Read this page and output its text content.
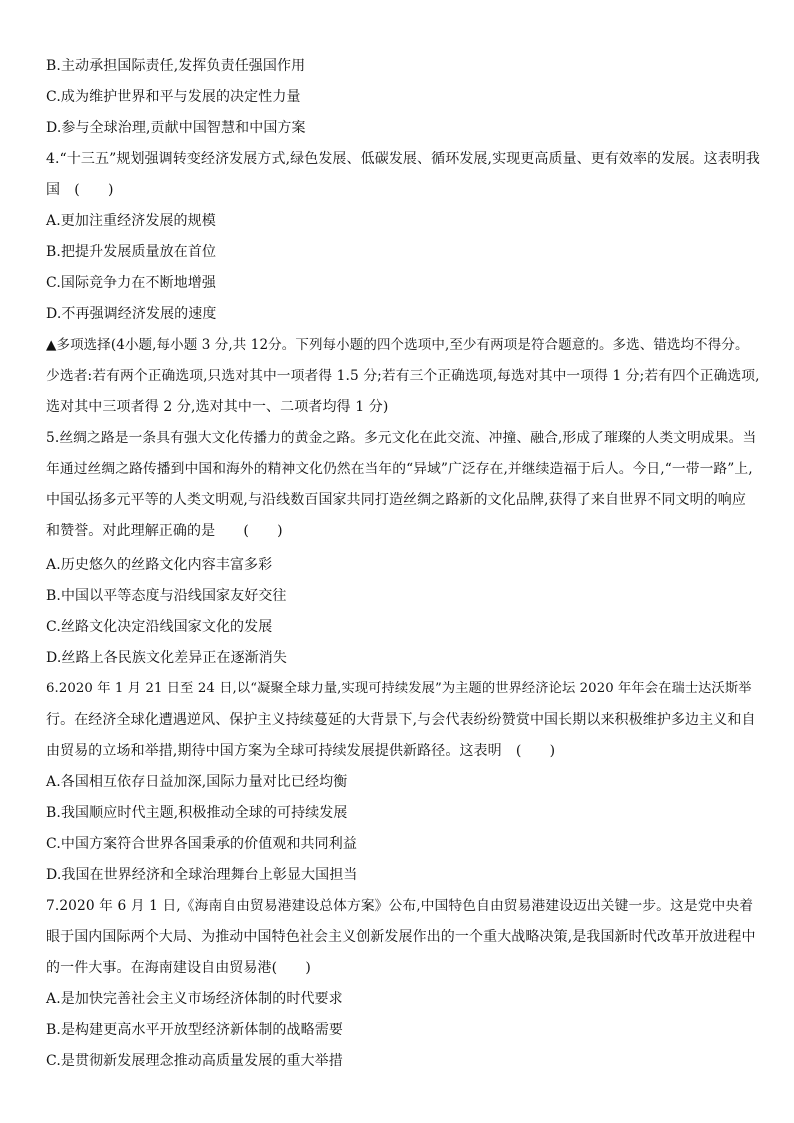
B.主动承担国际责任,发挥负责任强国作用
C.成为维护世界和平与发展的决定性力量
D.参与全球治理,贡献中国智慧和中国方案
4.“十三五”规划强调转变经济发展方式,绿色发展、低碳发展、循环发展,实现更高质量、更有效率的发展。这表明我
国　(　　)
A.更加注重经济发展的规模
B.把提升发展质量放在首位
C.国际竞争力在不断地增强
D.不再强调经济发展的速度
▲多项选择(4小题,每小题 3 分,共 12分。下列每小题的四个选项中,至少有两项是符合题意的。多选、错选均不得分。
少选者:若有两个正确选项,只选对其中一项者得 1.5 分;若有三个正确选项,每选对其中一项得 1 分;若有四个正确选项,
选对其中三项者得 2 分,选对其中一、二项者均得 1 分)
5.丝绸之路是一条具有强大文化传播力的黄金之路。多元文化在此交流、冲撞、融合,形成了璀璨的人类文明成果。当
年通过丝绸之路传播到中国和海外的精神文化仍然在当年的“异域”广泛存在,并继续造福于后人。今日,“一带一路”上,
中国弘扬多元平等的人类文明观,与沿线数百国家共同打造丝绸之路新的文化品牌,获得了来自世界不同文明的响应
和赞誉。对此理解正确的是　　(　　)
A.历史悠久的丝路文化内容丰富多彩
B.中国以平等态度与沿线国家友好交往
C.丝路文化决定沿线国家文化的发展
D.丝路上各民族文化差异正在逐渐消失
6.2020 年 1 月 21 日至 24 日,以“凝聚全球力量,实现可持续发展”为主题的世界经济论坛 2020 年年会在瑞士达沃斯举
行。在经济全球化遭遇逆风、保护主义持续蔓延的大背景下,与会代表纷纷赞赏中国长期以来积极维护多边主义和自
由贸易的立场和举措,期待中国方案为全球可持续发展提供新路径。这表明　(　　)
A.各国相互依存日益加深,国际力量对比已经均衡
B.我国顺应时代主题,积极推动全球的可持续发展
C.中国方案符合世界各国秉承的价值观和共同利益
D.我国在世界经济和全球治理舞台上彰显大国担当
7.2020 年 6 月 1 日,《海南自由贸易港建设总体方案》公布,中国特色自由贸易港建设迈出关键一步。这是党中央着
眼于国内国际两个大局、为推动中国特色社会主义创新发展作出的一个重大战略决策,是我国新时代改革开放进程中
的一件大事。在海南建设自由贸易港(　　)
A.是加快完善社会主义市场经济体制的时代要求
B.是构建更高水平开放型经济新体制的战略需要
C.是贯彻新发展理念推动高质量发展的重大举措
